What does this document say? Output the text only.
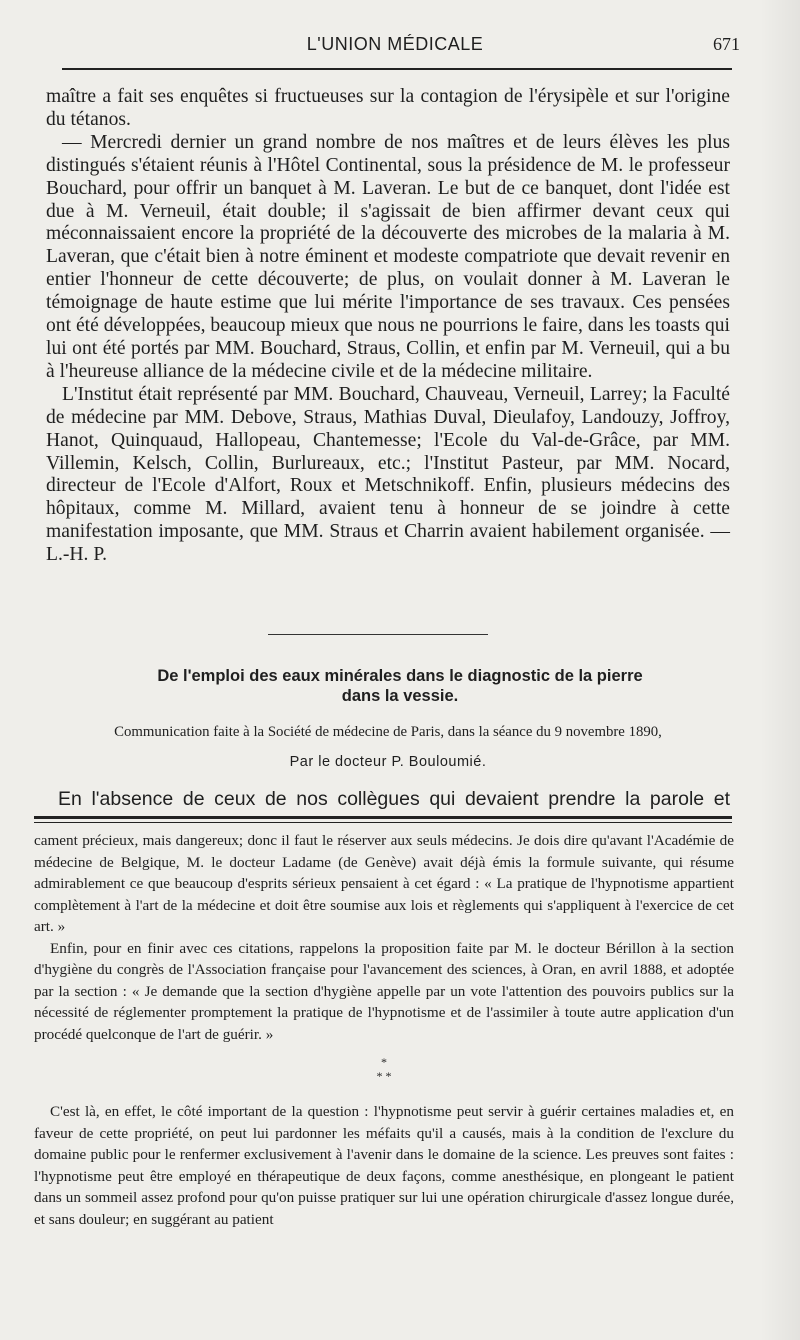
L'UNION MÉDICALE	671

maître a fait ses enquêtes si fructueuses sur la contagion de l'érysipèle et sur l'origine du tétanos.

— Mercredi dernier un grand nombre de nos maîtres et de leurs élèves les plus distingués s'étaient réunis à l'Hôtel Continental, sous la présidence de M. le professeur Bouchard, pour offrir un banquet à M. Laveran. Le but de ce banquet, dont l'idée est due à M. Verneuil, était double; il s'agissait de bien affirmer devant ceux qui méconnaissaient encore la propriété de la découverte des microbes de la malaria à M. Laveran, que c'était bien à notre éminent et modeste compatriote que devait revenir en entier l'honneur de cette découverte; de plus, on voulait donner à M. Laveran le témoignage de haute estime que lui mérite l'importance de ses travaux. Ces pensées ont été développées, beaucoup mieux que nous ne pourrions le faire, dans les toasts qui lui ont été portés par MM. Bouchard, Straus, Collin, et enfin par M. Verneuil, qui a bu à l'heureuse alliance de la médecine civile et de la médecine militaire.

L'Institut était représenté par MM. Bouchard, Chauveau, Verneuil, Larrey; la Faculté de médecine par MM. Debove, Straus, Mathias Duval, Dieulafoy, Landouzy, Joffroy, Hanot, Quinquaud, Hallopeau, Chantemesse; l'Ecole du Val-de-Grâce, par MM. Villemin, Kelsch, Collin, Burlureaux, etc.; l'Institut Pasteur, par MM. Nocard, directeur de l'Ecole d'Alfort, Roux et Metschnikoff. Enfin, plusieurs médecins des hôpitaux, comme M. Millard, avaient tenu à honneur de se joindre à cette manifestation imposante, que MM. Straus et Charrin avaient habilement organisée. — L.-H. P.

De l'emploi des eaux minérales dans le diagnostic de la pierre
dans la vessie.
Communication faite à la Société de médecine de Paris, dans la séance du 9 novembre 1890,
Par le docteur P. Bouloumié.
En l'absence de ceux de nos collègues qui devaient prendre la parole et

cament précieux, mais dangereux; donc il faut le réserver aux seuls médecins. Je dois dire qu'avant l'Académie de médecine de Belgique, M. le docteur Ladame (de Genève) avait déjà émis la formule suivante, qui résume admirablement ce que beaucoup d'esprits sérieux pensaient à cet égard : « La pratique de l'hypnotisme appartient complètement à l'art de la médecine et doit être soumise aux lois et règlements qui s'appliquent à l'exercice de cet art. »

Enfin, pour en finir avec ces citations, rappelons la proposition faite par M. le docteur Bérillon à la section d'hygiène du congrès de l'Association française pour l'avancement des sciences, à Oran, en avril 1888, et adoptée par la section : « Je demande que la section d'hygiène appelle par un vote l'attention des pouvoirs publics sur la nécessité de réglementer promptement la pratique de l'hypnotisme et de l'assimiler à toute autre application d'un procédé quelconque de l'art de guérir. »

*
* *

C'est là, en effet, le côté important de la question : l'hypnotisme peut servir à guérir certaines maladies et, en faveur de cette propriété, on peut lui pardonner les méfaits qu'il a causés, mais à la condition de l'exclure du domaine public pour le renfermer exclusivement à l'avenir dans le domaine de la science. Les preuves sont faites : l'hypnotisme peut être employé en thérapeutique de deux façons, comme anesthésique, en plongeant le patient dans un sommeil assez profond pour qu'on puisse pratiquer sur lui une opération chirurgicale d'assez longue durée, et sans douleur; en suggérant au patient
